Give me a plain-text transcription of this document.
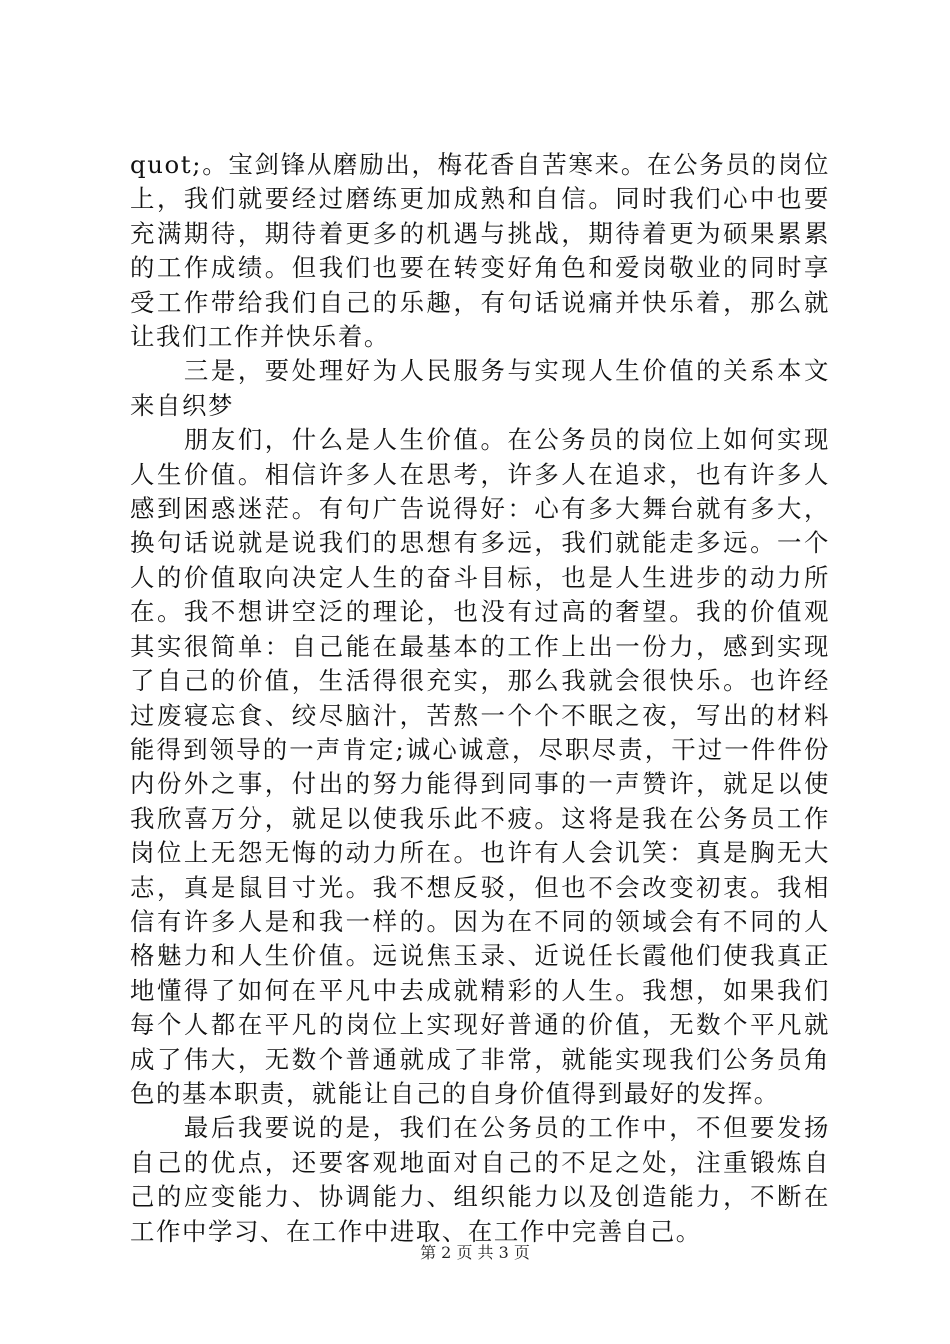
quot;。宝剑锋从磨励出，梅花香自苦寒来。在公务员的岗位上，我们就要经过磨练更加成熟和自信。同时我们心中也要充满期待，期待着更多的机遇与挑战，期待着更为硕果累累的工作成绩。但我们也要在转变好角色和爱岗敬业的同时享受工作带给我们自己的乐趣，有句话说痛并快乐着，那么就让我们工作并快乐着。

　　三是，要处理好为人民服务与实现人生价值的关系本文来自织梦

　　朋友们，什么是人生价值。在公务员的岗位上如何实现人生价值。相信许多人在思考，许多人在追求，也有许多人感到困惑迷茫。有句广告说得好：心有多大舞台就有多大，换句话说就是说我们的思想有多远，我们就能走多远。一个人的价值取向决定人生的奋斗目标，也是人生进步的动力所在。我不想讲空泛的理论，也没有过高的奢望。我的价值观其实很简单：自己能在最基本的工作上出一份力，感到实现了自己的价值，生活得很充实，那么我就会很快乐。也许经过废寝忘食、绞尽脑汁，苦熬一个个不眠之夜，写出的材料能得到领导的一声肯定;诚心诚意，尽职尽责，干过一件件份内份外之事，付出的努力能得到同事的一声赞许，就足以使我欣喜万分，就足以使我乐此不疲。这将是我在公务员工作岗位上无怨无悔的动力所在。也许有人会讥笑：真是胸无大志，真是鼠目寸光。我不想反驳，但也不会改变初衷。我相信有许多人是和我一样的。因为在不同的领域会有不同的人格魅力和人生价值。远说焦玉录、近说任长霞他们使我真正地懂得了如何在平凡中去成就精彩的人生。我想，如果我们每个人都在平凡的岗位上实现好普通的价值，无数个平凡就成了伟大，无数个普通就成了非常，就能实现我们公务员角色的基本职责，就能让自己的自身价值得到最好的发挥。

　　最后我要说的是，我们在公务员的工作中，不但要发扬自己的优点，还要客观地面对自己的不足之处，注重锻炼自己的应变能力、协调能力、组织能力以及创造能力，不断在工作中学习、在工作中进取、在工作中完善自己。

第 2 页 共 3 页
